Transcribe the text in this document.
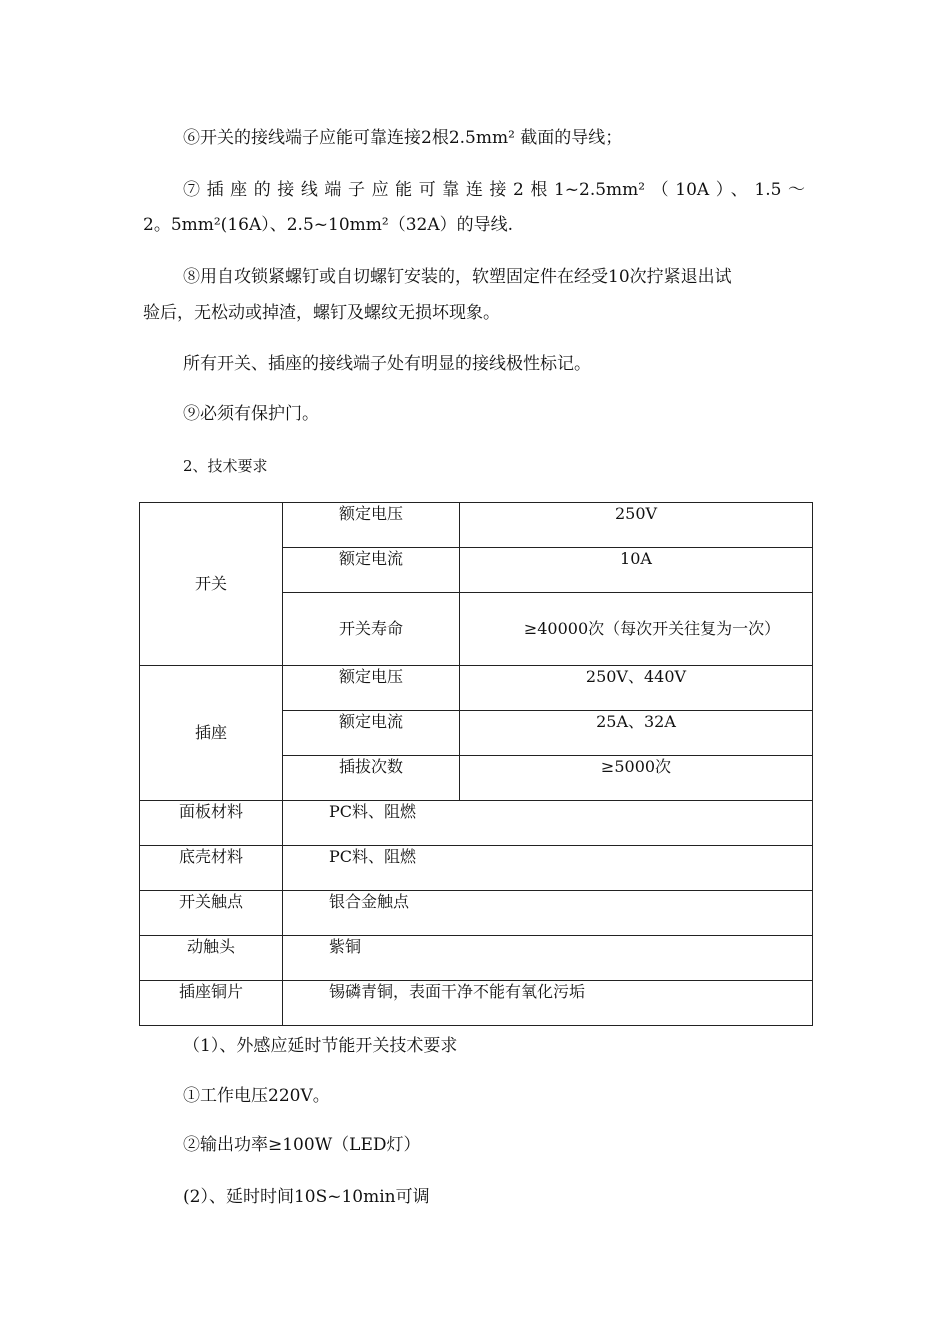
⑥开关的接线端子应能可靠连接2根2.5mm² 截面的导线；
⑦插座的接线端子应能可靠连接2根1~2.5mm²（10A）、1.5～
2。5mm²(16A）、2.5~10mm²（32A）的导线.
⑧用自攻锁紧螺钉或自切螺钉安装的，软塑固定件在经受10次拧紧退出试
验后，无松动或掉渣，螺钉及螺纹无损坏现象。
所有开关、插座的接线端子处有明显的接线极性标记。
⑨必须有保护门。
2、技术要求
开关	额定电压	250V
	额定电流	10A
	开关寿命	≥40000次（每次开关往复为一次）
插座	额定电压	250V、440V
	额定电流	25A、32A
	插拔次数	≥5000次
面板材料	PC料、阻燃	
底壳材料	PC料、阻燃	
开关触点	银合金触点	
动触头	紫铜	
插座铜片	锡磷青铜，表面干净不能有氧化污垢	
（1）、外感应延时节能开关技术要求
①工作电压220V。
②输出功率≥100W（LED灯）
(2）、延时时间10S~10min可调
